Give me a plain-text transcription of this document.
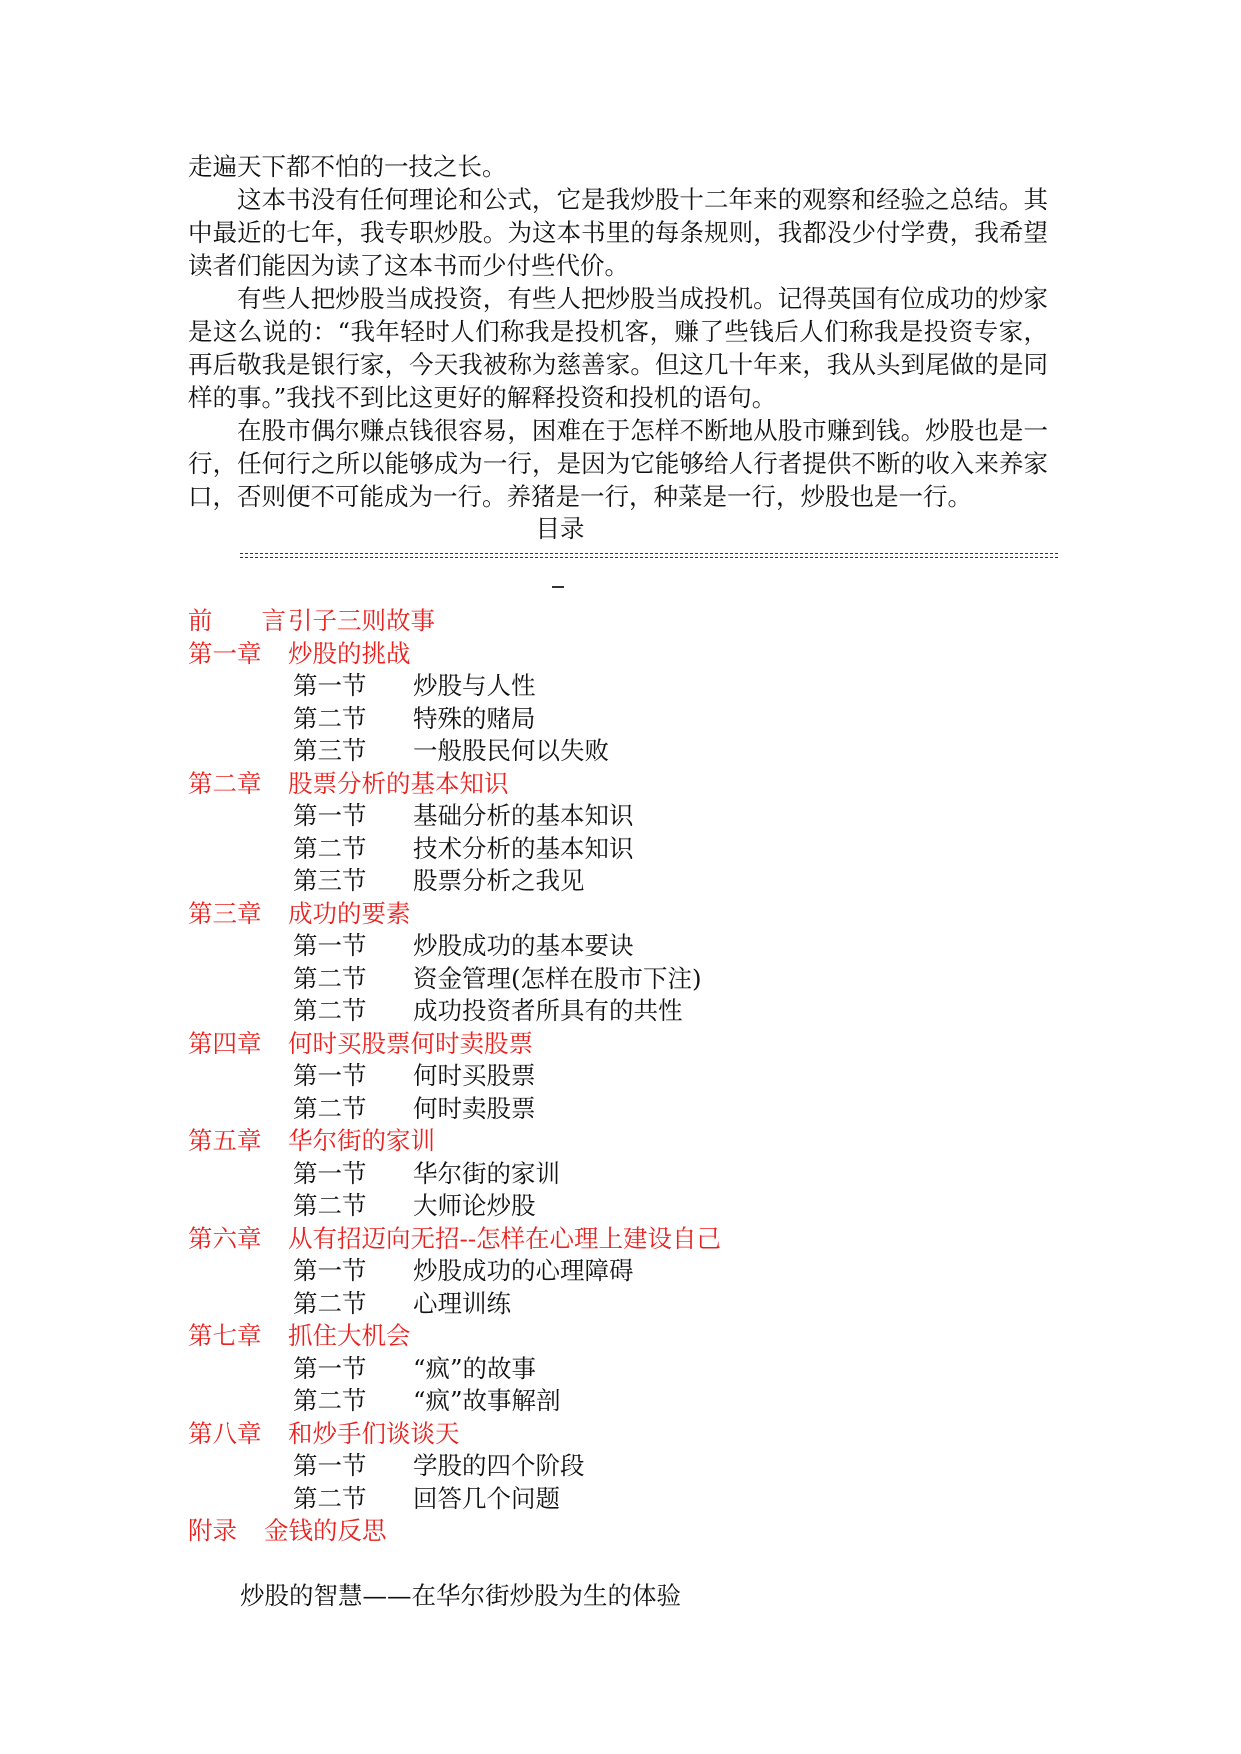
走遍天下都不怕的一技之长。

这本书没有任何理论和公式，它是我炒股十二年来的观察和经验之总结。其中最近的七年，我专职炒股。为这本书里的每条规则，我都没少付学费，我希望读者们能因为读了这本书而少付些代价。

有些人把炒股当成投资，有些人把炒股当成投机。记得英国有位成功的炒家是这么说的：“我年轻时人们称我是投机客，赚了些钱后人们称我是投资专家，再后敬我是银行家，今天我被称为慈善家。但这几十年来，我从头到尾做的是同样的事。”我找不到比这更好的解释投资和投机的语句。

在股市偶尔赚点钱很容易，困难在于怎样不断地从股市赚到钱。炒股也是一行，任何行之所以能够成为一行，是因为它能够给人行者提供不断的收入来养家口，否则便不可能成为一行。养猪是一行，种菜是一行，炒股也是一行。

目录
前　　言引子三则故事
第一章 炒股的挑战
第一节 炒股与人性
第二节 特殊的赌局
第三节 一般股民何以失败
第二章 股票分析的基本知识
第一节 基础分析的基本知识
第二节 技术分析的基本知识
第三节 股票分析之我见
第三章 成功的要素
第一节 炒股成功的基本要诀
第二节 资金管理(怎样在股市下注)
第二节 成功投资者所具有的共性
第四章 何时买股票何时卖股票
第一节 何时买股票
第二节 何时卖股票
第五章 华尔街的家训
第一节 华尔街的家训
第二节 大师论炒股
第六章 从有招迈向无招--怎样在心理上建设自己
第一节 炒股成功的心理障碍
第二节 心理训练
第七章 抓住大机会
第一节 “疯”的故事
第二节 “疯”故事解剖
第八章 和炒手们谈谈天
第一节 学股的四个阶段
第二节 回答几个问题
附录 金钱的反思
炒股的智慧——在华尔街炒股为生的体验
